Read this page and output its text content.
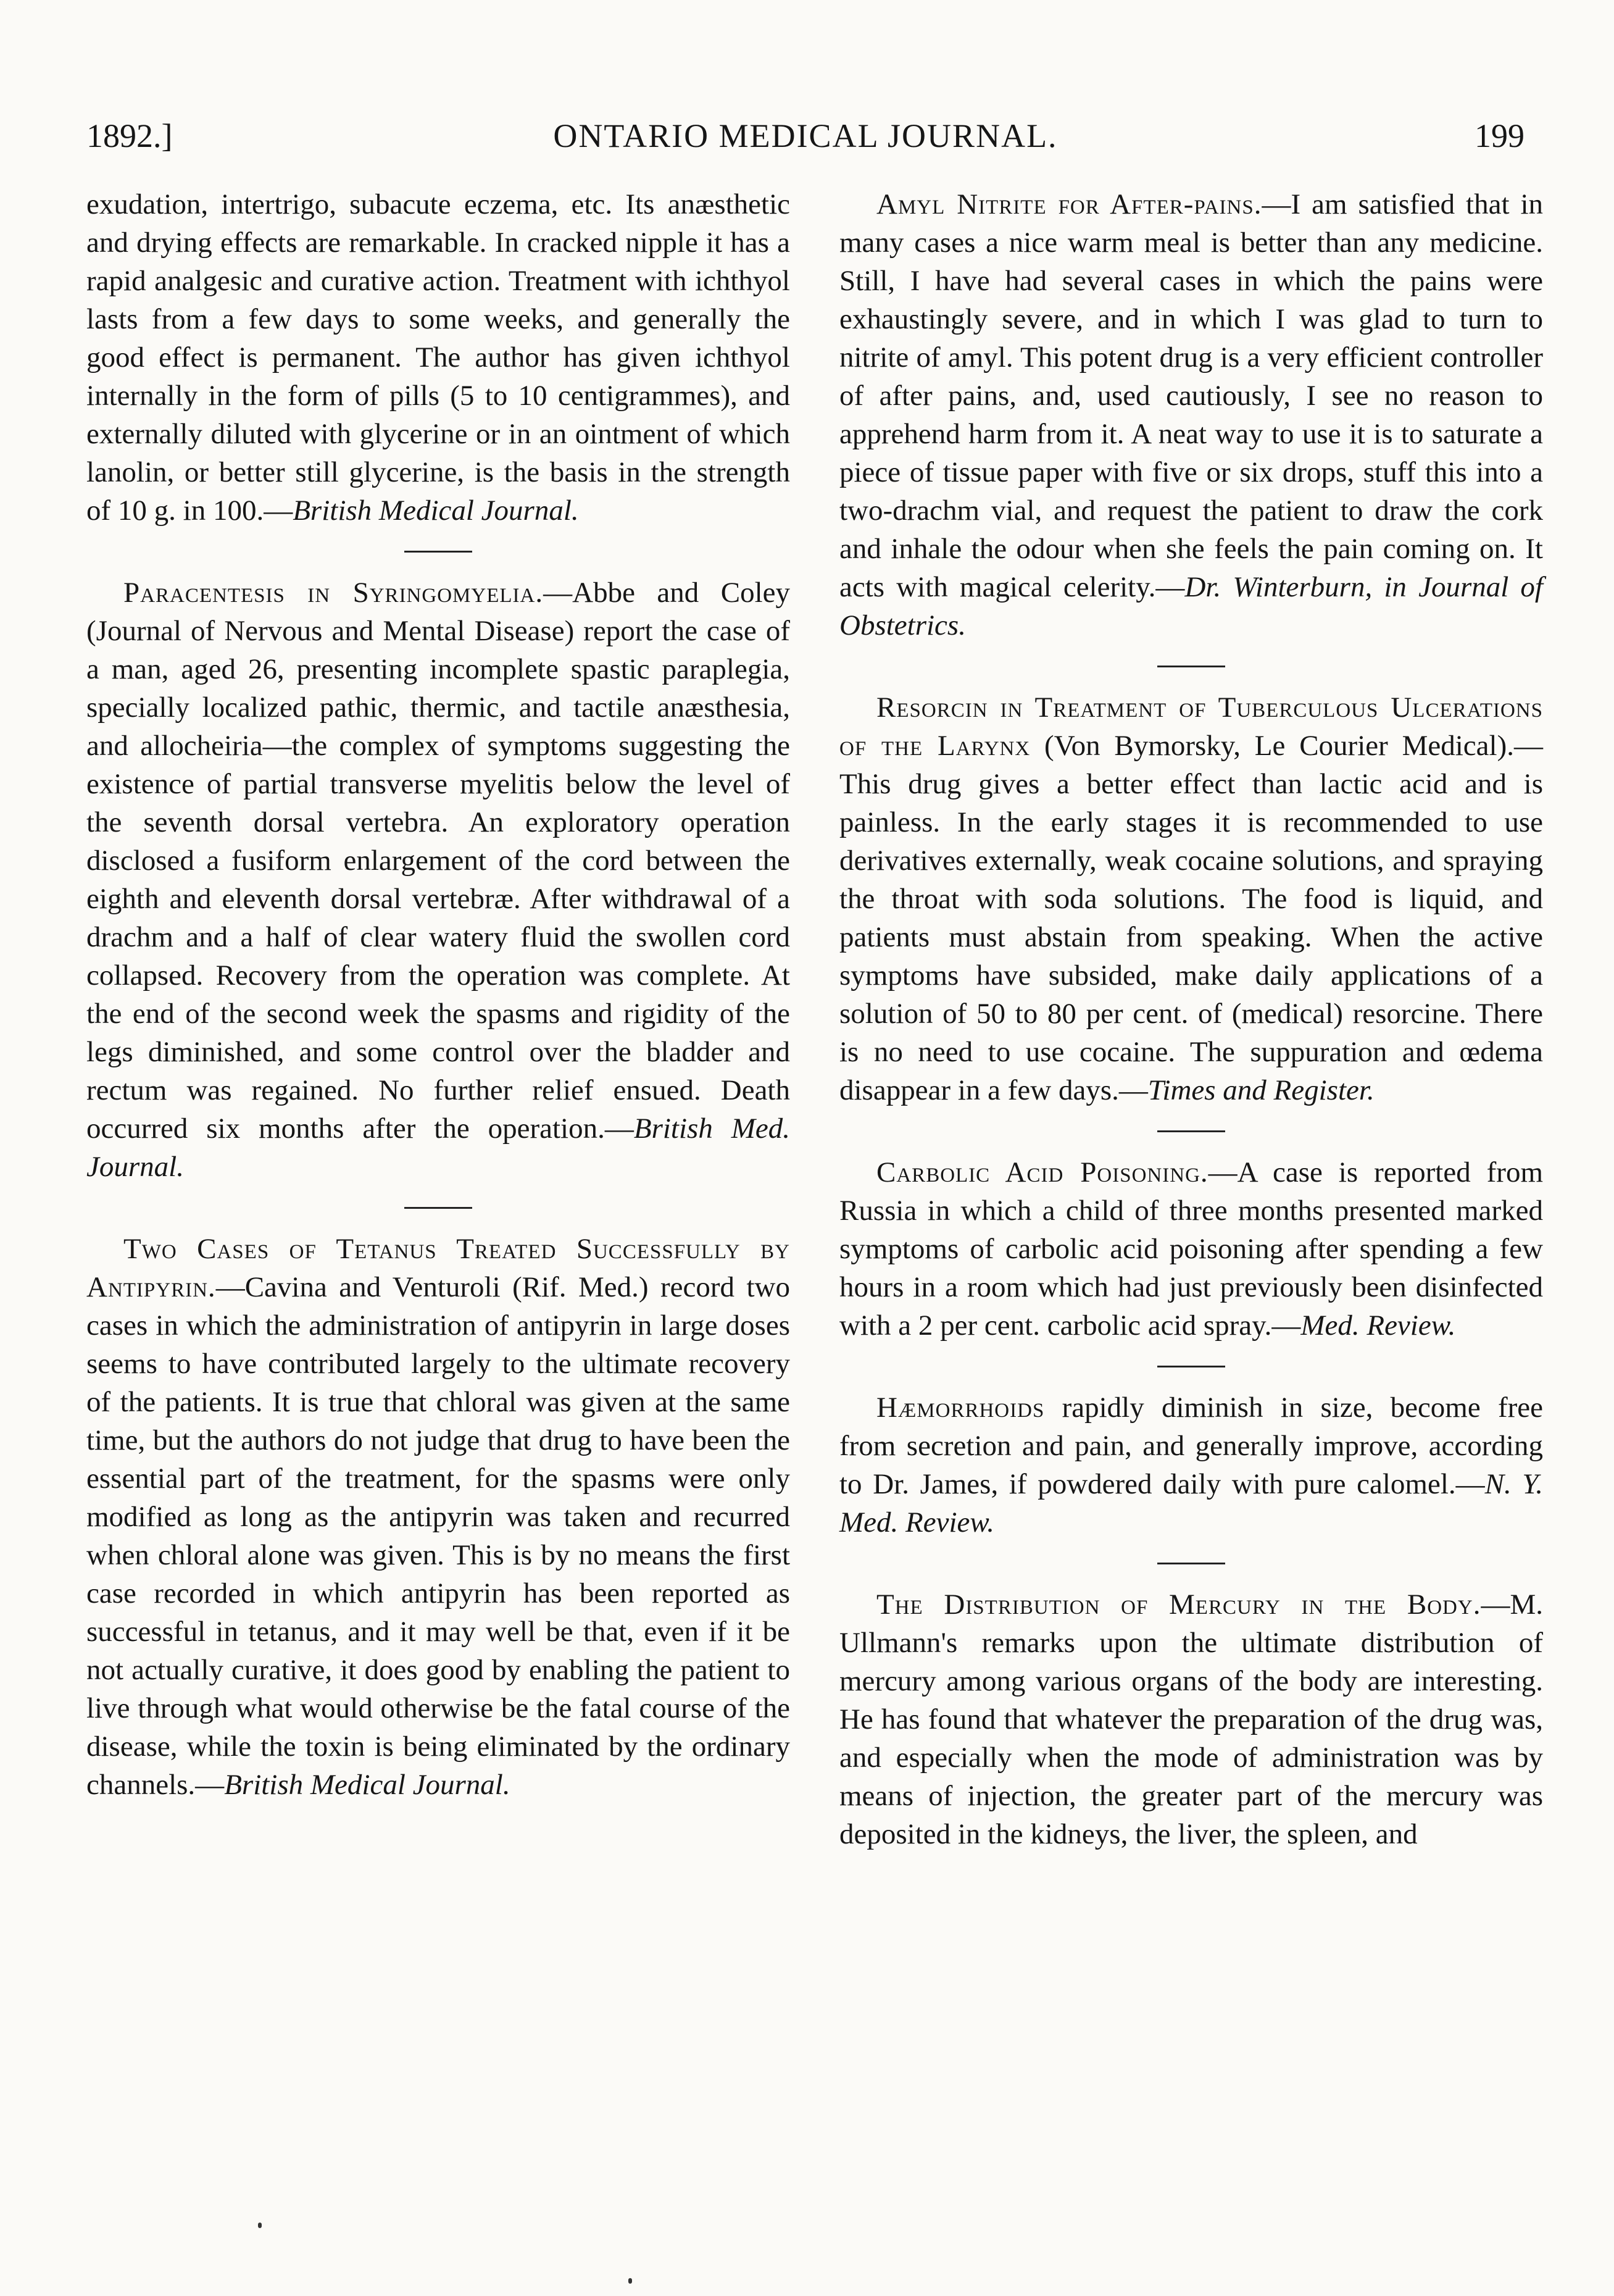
1892.]	ONTARIO MEDICAL JOURNAL.	199

exudation, intertrigo, subacute eczema, etc. Its anæsthetic and drying effects are remarkable. In cracked nipple it has a rapid analgesic and curative action. Treatment with ichthyol lasts from a few days to some weeks, and generally the good effect is permanent. The author has given ichthyol internally in the form of pills (5 to 10 centigrammes), and externally diluted with glycerine or in an ointment of which lanolin, or better still glycerine, is the basis in the strength of 10 g. in 100.—British Medical Journal.

Paracentesis in Syringomyelia.—Abbe and Coley (Journal of Nervous and Mental Disease) report the case of a man, aged 26, presenting incomplete spastic paraplegia, specially localized pathic, thermic, and tactile anæsthesia, and allocheiria—the complex of symptoms suggesting the existence of partial transverse myelitis below the level of the seventh dorsal vertebra. An exploratory operation disclosed a fusiform enlargement of the cord between the eighth and eleventh dorsal vertebræ. After withdrawal of a drachm and a half of clear watery fluid the swollen cord collapsed. Recovery from the operation was complete. At the end of the second week the spasms and rigidity of the legs diminished, and some control over the bladder and rectum was regained. No further relief ensued. Death occurred six months after the operation.—British Med. Journal.

Two Cases of Tetanus Treated Successfully by Antipyrin.—Cavina and Venturoli (Rif. Med.) record two cases in which the administration of antipyrin in large doses seems to have contributed largely to the ultimate recovery of the patients. It is true that chloral was given at the same time, but the authors do not judge that drug to have been the essential part of the treatment, for the spasms were only modified as long as the antipyrin was taken and recurred when chloral alone was given. This is by no means the first case recorded in which antipyrin has been reported as successful in tetanus, and it may well be that, even if it be not actually curative, it does good by enabling the patient to live through what would otherwise be the fatal course of the disease, while the toxin is being eliminated by the ordinary channels.—British Medical Journal.

Amyl Nitrite for After-pains.—I am satisfied that in many cases a nice warm meal is better than any medicine. Still, I have had several cases in which the pains were exhaustingly severe, and in which I was glad to turn to nitrite of amyl. This potent drug is a very efficient controller of after pains, and, used cautiously, I see no reason to apprehend harm from it. A neat way to use it is to saturate a piece of tissue paper with five or six drops, stuff this into a two-drachm vial, and request the patient to draw the cork and inhale the odour when she feels the pain coming on. It acts with magical celerity.—Dr. Winterburn, in Journal of Obstetrics.

Resorcin in Treatment of Tuberculous Ulcerations of the Larynx (Von Bymorsky, Le Courier Medical).—This drug gives a better effect than lactic acid and is painless. In the early stages it is recommended to use derivatives externally, weak cocaine solutions, and spraying the throat with soda solutions. The food is liquid, and patients must abstain from speaking. When the active symptoms have subsided, make daily applications of a solution of 50 to 80 per cent. of (medical) resorcine. There is no need to use cocaine. The suppuration and œdema disappear in a few days.—Times and Register.

Carbolic Acid Poisoning.—A case is reported from Russia in which a child of three months presented marked symptoms of carbolic acid poisoning after spending a few hours in a room which had just previously been disinfected with a 2 per cent. carbolic acid spray.—Med. Review.

Hæmorrhoids rapidly diminish in size, become free from secretion and pain, and generally improve, according to Dr. James, if powdered daily with pure calomel.—N. Y. Med. Review.

The Distribution of Mercury in the Body.—M. Ullmann's remarks upon the ultimate distribution of mercury among various organs of the body are interesting. He has found that whatever the preparation of the drug was, and especially when the mode of administration was by means of injection, the greater part of the mercury was deposited in the kidneys, the liver, the spleen, and
